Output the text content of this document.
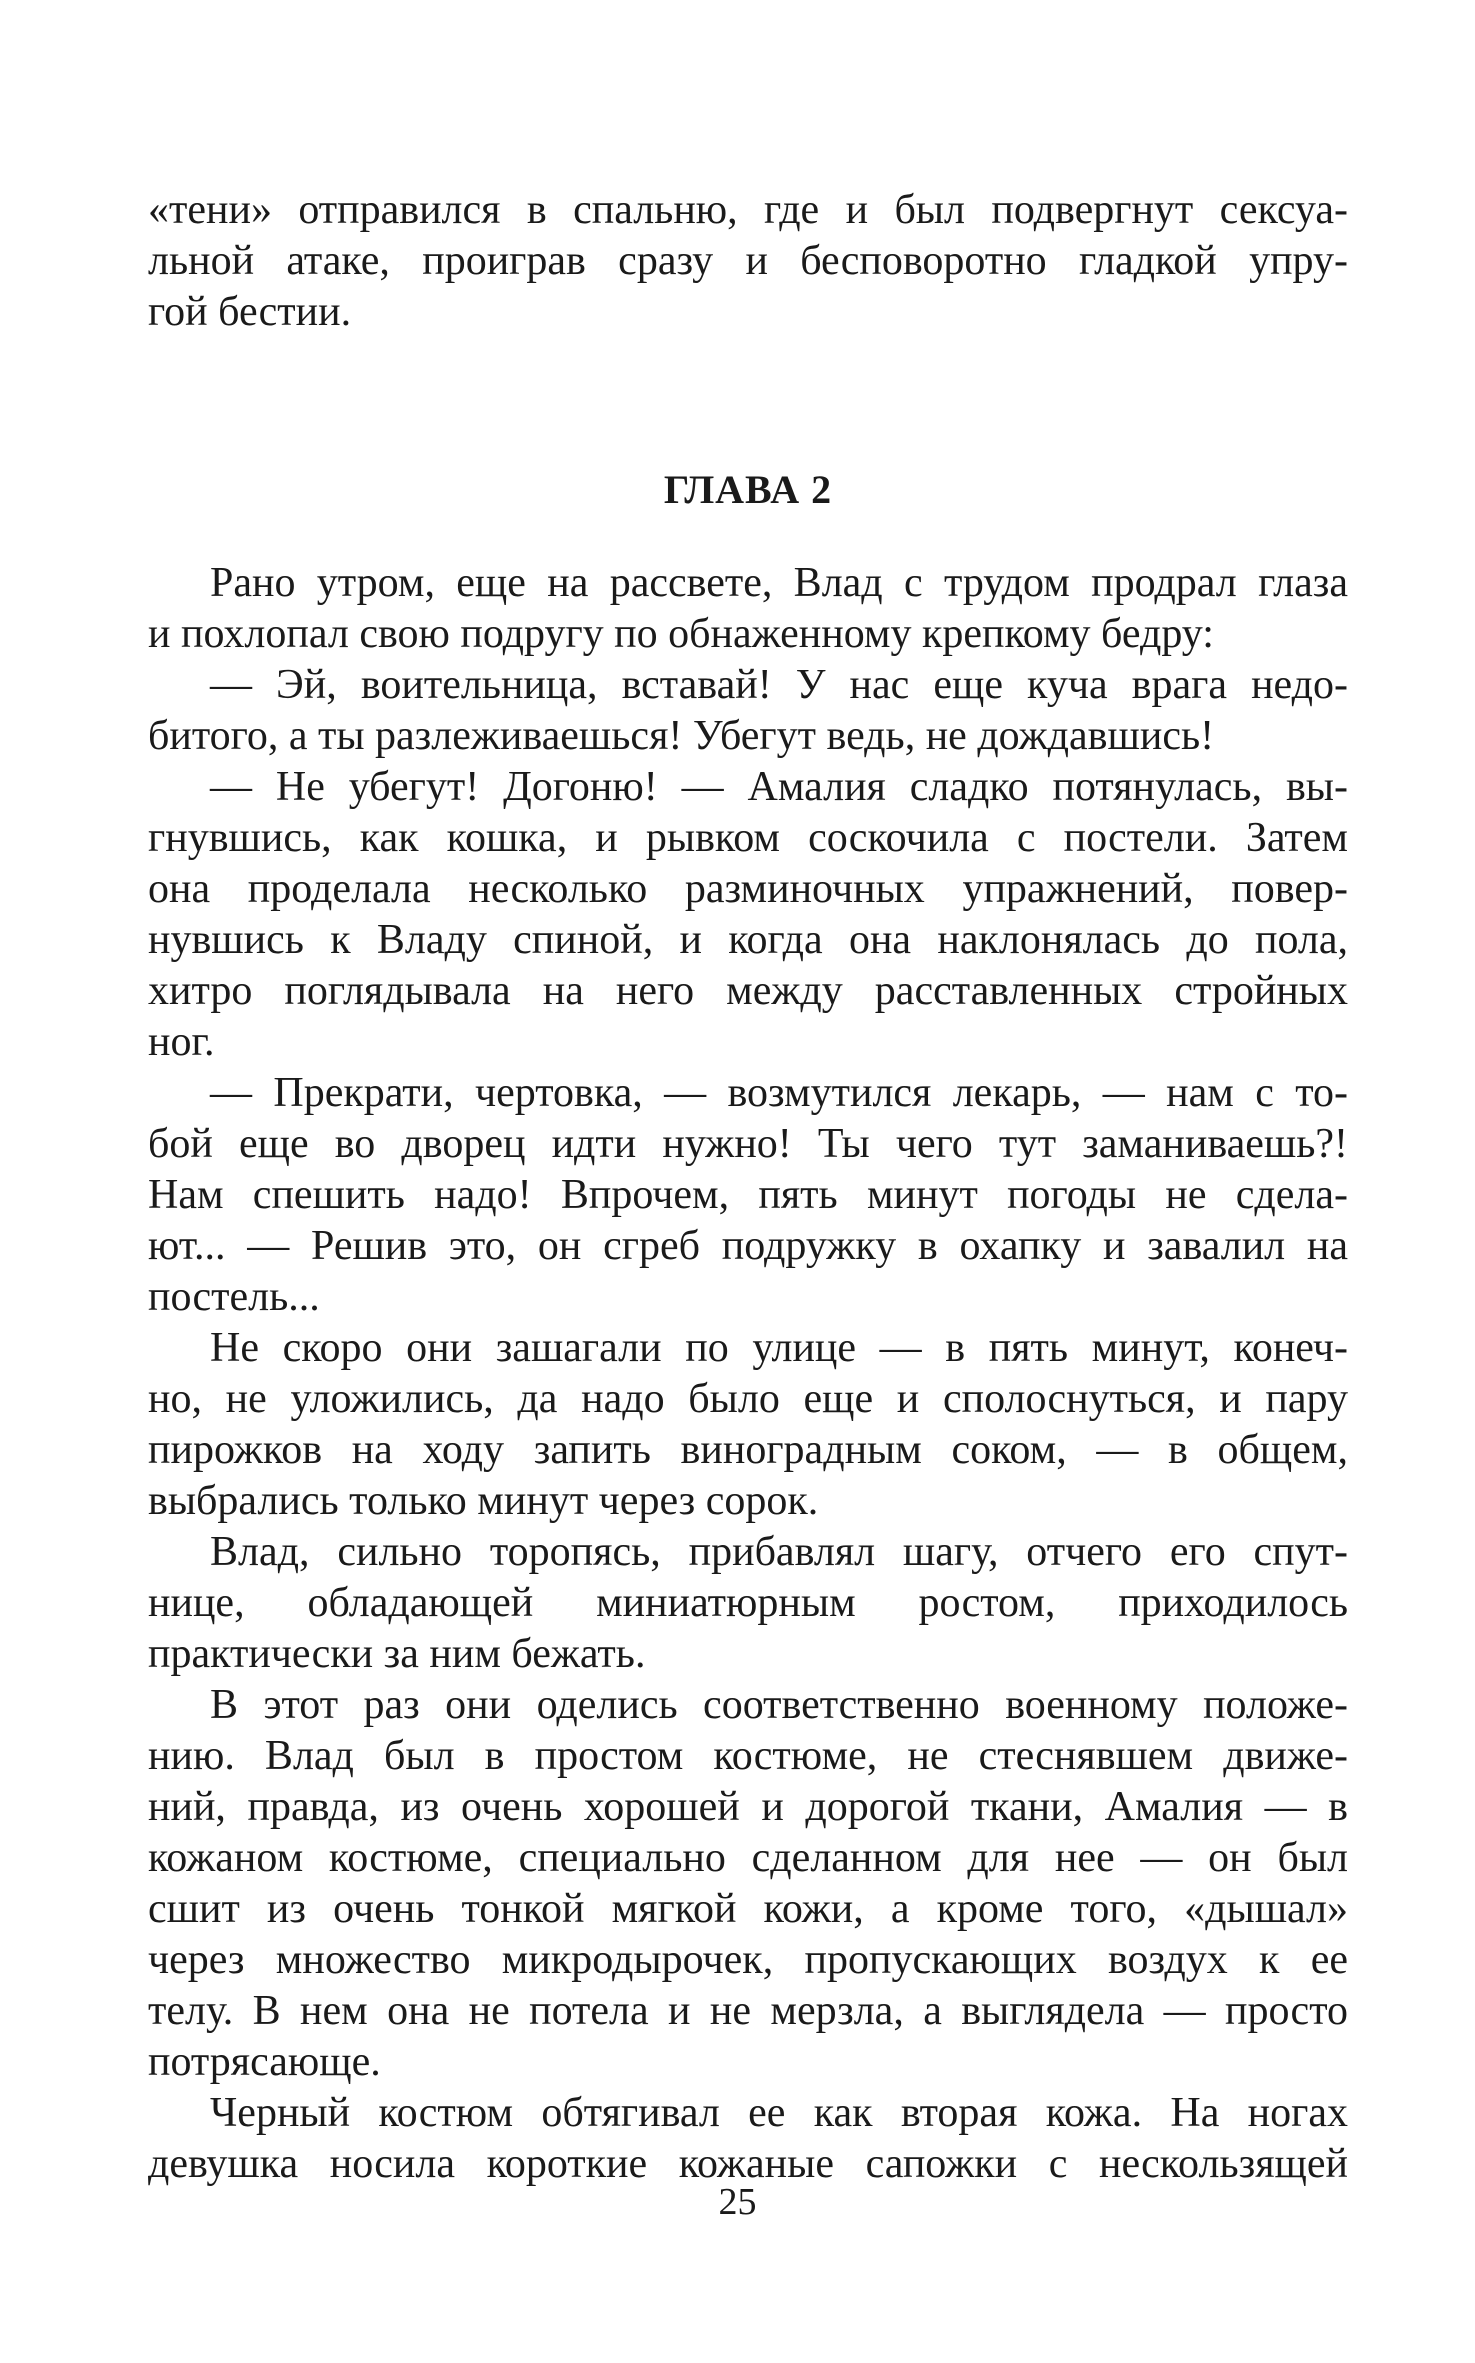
«тени» отправился в спальню, где и был подвергнут сексуа-
льной атаке, проиграв сразу и бесповоротно гладкой упру-
гой бестии.
ГЛАВА 2
Рано утром, еще на рассвете, Влад с трудом продрал глаза
и похлопал свою подругу по обнаженному крепкому бедру:
— Эй, воительница, вставай! У нас еще куча врага недо-
битого, а ты разлеживаешься! Убегут ведь, не дождавшись!
— Не убегут! Догоню! — Амалия сладко потянулась, вы-
гнувшись, как кошка, и рывком соскочила с постели. Затем
она проделала несколько разминочных упражнений, повер-
нувшись к Владу спиной, и когда она наклонялась до пола,
хитро поглядывала на него между расставленных стройных
ног.
— Прекрати, чертовка, — возмутился лекарь, — нам с то-
бой еще во дворец идти нужно! Ты чего тут заманиваешь?!
Нам спешить надо! Впрочем, пять минут погоды не сдела-
ют... — Решив это, он сгреб подружку в охапку и завалил на
постель...
Не скоро они зашагали по улице — в пять минут, конеч-
но, не уложились, да надо было еще и сполоснуться, и пару
пирожков на ходу запить виноградным соком, — в общем,
выбрались только минут через сорок.
Влад, сильно торопясь, прибавлял шагу, отчего его спут-
нице, обладающей миниатюрным ростом, приходилось
практически за ним бежать.
В этот раз они оделись соответственно военному положе-
нию. Влад был в простом костюме, не стеснявшем движе-
ний, правда, из очень хорошей и дорогой ткани, Амалия — в
кожаном костюме, специально сделанном для нее — он был
сшит из очень тонкой мягкой кожи, а кроме того, «дышал»
через множество микродырочек, пропускающих воздух к ее
телу. В нем она не потела и не мерзла, а выглядела — просто
потрясающе.
Черный костюм обтягивал ее как вторая кожа. На ногах
девушка носила короткие кожаные сапожки с нескользящей
25
